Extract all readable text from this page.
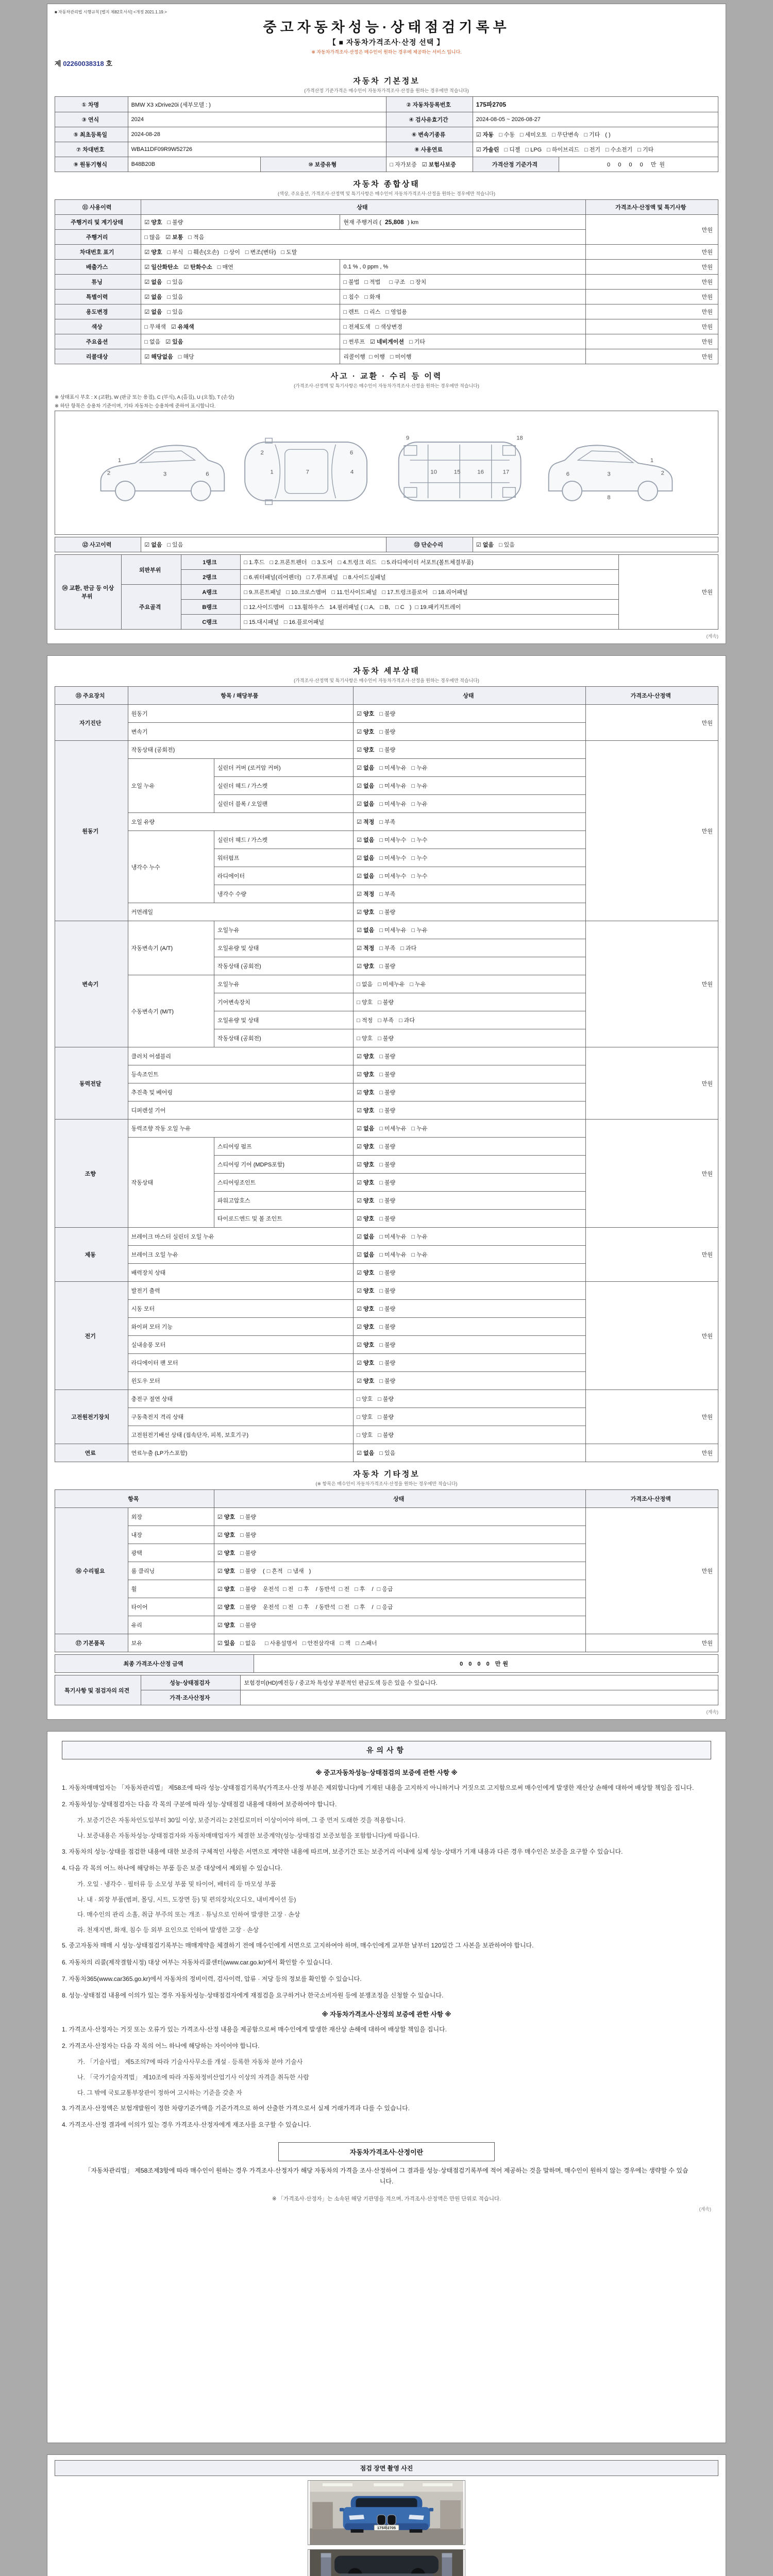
■ 자동차관리법 시행규칙 [별지 제82호서식] <개정 2021.1.19.>
중고자동차성능·상태점검기록부
【 ■ 자동차가격조사·산정 선택 】
※ 자동차가격조사·산정은 매수인이 원하는 경우에 제공하는 서비스 입니다.
제 02260038318 호
자동차 기본정보
(가격산정 기준가격은 매수인이 자동차가격조사·산정을 원하는 경우에만 적습니다)
① 차명	BMW X3 xDrive20i (세부모델 : )		② 자동차등록번호	175파2705	
③ 연식	2024		④ 검사유효기간	2024-08-05 ~ 2026-08-27	
⑤ 최초등록일	2024-08-28		⑥ 변속기종류	☑ 자동 □ 수동 □ 세미오토 □ 무단변속 □ 기타 ( )	
⑦ 차대번호	WBA11DF09R9W52726		⑧ 사용연료	☑ 가솔린 □ 디젤 □ LPG □ 하이브리드 □ 전기 □ 수소전기 □ 기타	
⑨ 원동기형식	B48B20B	⑩ 보증유형	□ 자가보증 ☑ 보험사보증	가격산정 기준가격	0 0 0 0 만원
자동차 종합상태
(색상, 주요옵션, 가격조사·산정액 및 특기사항은 매수인이 자동차가격조사·산정을 원하는 경우에만 적습니다)
⑪ 사용이력	상태		가격조사·산정액 및 특기사항
주행거리 및 계기상태	☑ 양호 □ 불량	현재 주행거리 ( 25,808 ) km	만원
주행거리	□ 많음 ☑ 보통 □ 적음		
차대번호 표기	☑ 양호 □ 부식 □ 훼손(오손) □ 상이 □ 변조(변타) □ 도말		만원
배출가스	☑ 일산화탄소 ☑ 탄화수소 □ 매연	0.1 % , 0 ppm , %	만원
튜닝	☑ 없음 □ 있음	□ 불법 □ 적법 □ 구조 □ 장치	만원
특별이력	☑ 없음 □ 있음	□ 침수 □ 화재	만원
용도변경	☑ 없음 □ 있음	□ 렌트 □ 리스 □ 영업용	만원
색상	□ 무채색 ☑ 유채색	□ 전체도색 □ 색상변경	만원
주요옵션	□ 없음 ☑ 있음	□ 썬루프 ☑ 네비게이션 □ 기타	만원
리콜대상	☑ 해당없음 □ 해당	리콜이행 □ 이행 □ 미이행	만원
사고 · 교환 · 수리 등 이력
(가격조사·산정액 및 특기사항은 매수인이 자동차가격조사·산정을 원하는 경우에만 적습니다)
※ 상태표시 부호 : X (교환), W (판금 또는 용접), C (부식), A (흠집), U (요철), T (손상)
※ 하단 항목은 승용차 기준이며, 기타 자동차는 승용차에 준하여 표시합니다.
1
2	3	6
2
1	7	4
6
9
10	15	16	17
18
6	3
8
2
1
⑫ 사고이력	☑ 없음 □ 있음	⑬ 단순수리	☑ 없음 □ 있음
⑭ 교환, 판금 등 이상 부위	외판부위	1랭크	□ 1.후드 □ 2.프론트펜더 □ 3.도어 □ 4.트렁크 리드 □ 5.라디에이터 서포트(볼트체결부품)	만원
		2랭크	□ 6.쿼터패널(리어펜더) □ 7.루프패널 □ 8.사이드실패널	
	주요골격	A랭크	□ 9.프론트패널 □ 10.크로스멤버 □ 11.인사이드패널 □ 17.트렁크플로어 □ 18.리어패널	
		B랭크	□ 12.사이드멤버 □ 13.휠하우스 14.필러패널 ( □ A, □ B, □ C ) □ 19.패키지트레이	
		C랭크	□ 15.대시패널 □ 16.플로어패널	
(계속)
자동차 세부상태
(가격조사·산정액 및 특기사항은 매수인이 자동차가격조사·산정을 원하는 경우에만 적습니다)
⑮ 주요장치	항목 / 해당부품		상태	가격조사·산정액
자기진단	원동기		☑ 양호 □ 불량	만원
	변속기		☑ 양호 □ 불량	
원동기	작동상태 (공회전)		☑ 양호 □ 불량	만원
	오일 누유	실린더 커버 (로커암 커버)	☑ 없음 □ 미세누유 □ 누유	
		실린더 헤드 / 가스켓	☑ 없음 □ 미세누유 □ 누유	
		실린더 블록 / 오일팬	☑ 없음 □ 미세누유 □ 누유	
	오일 유량		☑ 적정 □ 부족	
	냉각수 누수	실린더 헤드 / 가스켓	☑ 없음 □ 미세누수 □ 누수	
		워터펌프	☑ 없음 □ 미세누수 □ 누수	
		라디에이터	☑ 없음 □ 미세누수 □ 누수	
		냉각수 수량	☑ 적정 □ 부족	
	커먼레일		☑ 양호 □ 불량	
변속기	자동변속기 (A/T)	오일누유	☑ 없음 □ 미세누유 □ 누유	만원
		오일유량 및 상태	☑ 적정 □ 부족 □ 과다	
		작동상태 (공회전)	☑ 양호 □ 불량	
	수동변속기 (M/T)	오일누유	□ 없음 □ 미세누유 □ 누유	
		기어변속장치	□ 양호 □ 불량	
		오일유량 및 상태	□ 적정 □ 부족 □ 과다	
		작동상태 (공회전)	□ 양호 □ 불량	
동력전달	클러치 어셈블리		☑ 양호 □ 불량	만원
	등속조인트		☑ 양호 □ 불량	
	추진축 및 베어링		☑ 양호 □ 불량	
	디퍼렌셜 기어		☑ 양호 □ 불량	
조향	동력조향 작동 오일 누유		☑ 없음 □ 미세누유 □ 누유	만원
	작동상태	스티어링 펌프	☑ 양호 □ 불량	
		스티어링 기어 (MDPS포함)	☑ 양호 □ 불량	
		스티어링조인트	☑ 양호 □ 불량	
		파워고압호스	☑ 양호 □ 불량	
		타이로드엔드 및 볼 조인트	☑ 양호 □ 불량	
제동	브레이크 마스터 실린더 오일 누유		☑ 없음 □ 미세누유 □ 누유	만원
	브레이크 오일 누유		☑ 없음 □ 미세누유 □ 누유	
	배력장치 상태		☑ 양호 □ 불량	
전기	발전기 출력		☑ 양호 □ 불량	만원
	시동 모터		☑ 양호 □ 불량	
	와이퍼 모터 기능		☑ 양호 □ 불량	
	실내송풍 모터		☑ 양호 □ 불량	
	라디에이터 팬 모터		☑ 양호 □ 불량	
	윈도우 모터		☑ 양호 □ 불량	
고전원전기장치	충전구 절연 상태		□ 양호 □ 불량	만원
	구동축전지 격리 상태		□ 양호 □ 불량	
	고전원전기배선 상태 (접속단자, 피복, 보호기구)		□ 양호 □ 불량	
연료	연료누출 (LP가스포함)		☑ 없음 □ 있음	만원
자동차 기타정보
(※ 항목은 매수인이 자동차가격조사·산정을 원하는 경우에만 적습니다)
항목		상태	가격조사·산정액
⑯ 수리필요	외장	☑ 양호 □ 불량	만원
	내장	☑ 양호 □ 불량	
	광택	☑ 양호 □ 불량	
	룸 클리닝	☑ 양호 □ 불량 ( □ 흔적 □ 냄새 )	
	휠	☑ 양호 □ 불량 운전석 □ 전 □ 후 / 동반석 □ 전 □ 후 / □ 응급	
	타이어	☑ 양호 □ 불량 운전석 □ 전 □ 후 / 동반석 □ 전 □ 후 / □ 응급	
	유리	☑ 양호 □ 불량	
⑰ 기본품목	보유	☑ 있음 □ 없음 □ 사용설명서 □ 안전삼각대 □ 잭 □ 스패너	만원
최종 가격조사·산정 금액	0 0 0 0 만원
특기사항 및 점검자의 의견	성능·상태점검자	보험경미(HD)예진등 / 중고차 특성상 부분적인 판금도색 등은 있을 수 있습니다.
	가격·조사산정자	
(계속)
유의사항
※ 중고자동차성능·상태점검의 보증에 관한 사항 ※
1. 자동차매매업자는 「자동차관리법」 제58조에 따라 성능·상태점검기록부(가격조사·산정 부분은 제외합니다)에 기재된 내용을 고지하지 아니하거나 거짓으로 고지함으로써 매수인에게 발생한 재산상 손해에 대하여 배상할 책임을 집니다.
2. 자동차성능·상태점검자는 다음 각 목의 구분에 따라 성능·상태점검 내용에 대하여 보증하여야 합니다.
가. 보증기간은 자동차인도일부터 30일 이상, 보증거리는 2천킬로미터 이상이어야 하며, 그 중 먼저 도래한 것을 적용합니다.
나. 보증내용은 자동차성능·상태점검자와 자동차매매업자가 체결한 보증계약(성능·상태점검 보증보험을 포함합니다)에 따릅니다.
3. 자동차의 성능·상태를 점검한 내용에 대한 보증의 구체적인 사항은 서면으로 계약한 내용에 따르며, 보증기간 또는 보증거리 이내에 실제 성능·상태가 기재 내용과 다른 경우 매수인은 보증을 요구할 수 있습니다.
4. 다음 각 목의 어느 하나에 해당하는 부품 등은 보증 대상에서 제외될 수 있습니다.
가. 오일 · 냉각수 · 필터류 등 소모성 부품 및 타이어, 배터리 등 마모성 부품
나. 내 · 외장 부품(범퍼, 몰딩, 시트, 도장면 등) 및 편의장치(오디오, 내비게이션 등)
다. 매수인의 관리 소홀, 취급 부주의 또는 개조 · 튜닝으로 인하여 발생한 고장 · 손상
라. 천재지변, 화재, 침수 등 외부 요인으로 인하여 발생한 고장 · 손상
5. 중고자동차 매매 시 성능·상태점검기록부는 매매계약을 체결하기 전에 매수인에게 서면으로 고지하여야 하며, 매수인에게 교부한 날부터 120일간 그 사본을 보관하여야 합니다.
6. 자동차의 리콜(제작결함시정) 대상 여부는 자동차리콜센터(www.car.go.kr)에서 확인할 수 있습니다.
7. 자동차365(www.car365.go.kr)에서 자동차의 정비이력, 검사이력, 압류 · 저당 등의 정보를 확인할 수 있습니다.
8. 성능·상태점검 내용에 이의가 있는 경우 자동차성능·상태점검자에게 재점검을 요구하거나 한국소비자원 등에 분쟁조정을 신청할 수 있습니다.
※ 자동차가격조사·산정의 보증에 관한 사항 ※
1. 가격조사·산정자는 거짓 또는 오류가 있는 가격조사·산정 내용을 제공함으로써 매수인에게 발생한 재산상 손해에 대하여 배상할 책임을 집니다.
2. 가격조사·산정자는 다음 각 목의 어느 하나에 해당하는 자이어야 합니다.
가. 「기술사법」 제5조의7에 따라 기술사사무소를 개설 · 등록한 자동차 분야 기술사
나. 「국가기술자격법」 제10조에 따라 자동차정비산업기사 이상의 자격을 취득한 사람
다. 그 밖에 국토교통부장관이 정하여 고시하는 기준을 갖춘 자
3. 가격조사·산정액은 보험개발원이 정한 차량기준가액을 기준가격으로 하여 산출한 가격으로서 실제 거래가격과 다를 수 있습니다.
4. 가격조사·산정 결과에 이의가 있는 경우 가격조사·산정자에게 재조사를 요구할 수 있습니다.
자동차가격조사·산정이란
「자동차관리법」 제58조제3항에 따라 매수인이 원하는 경우 가격조사·산정자가 해당 자동차의 가격을 조사·산정하여 그 결과를 성능·상태점검기록부에 적어 제공하는 것을 말하며, 매수인이 원하지 않는 경우에는 생략할 수 있습니다.
※ 「가격조사·산정자」는 소속된 해당 기관명을 적으며, 가격조사·산정액은 만원 단위로 적습니다.
(계속)
점검 장면 촬영 사진
175파2705
